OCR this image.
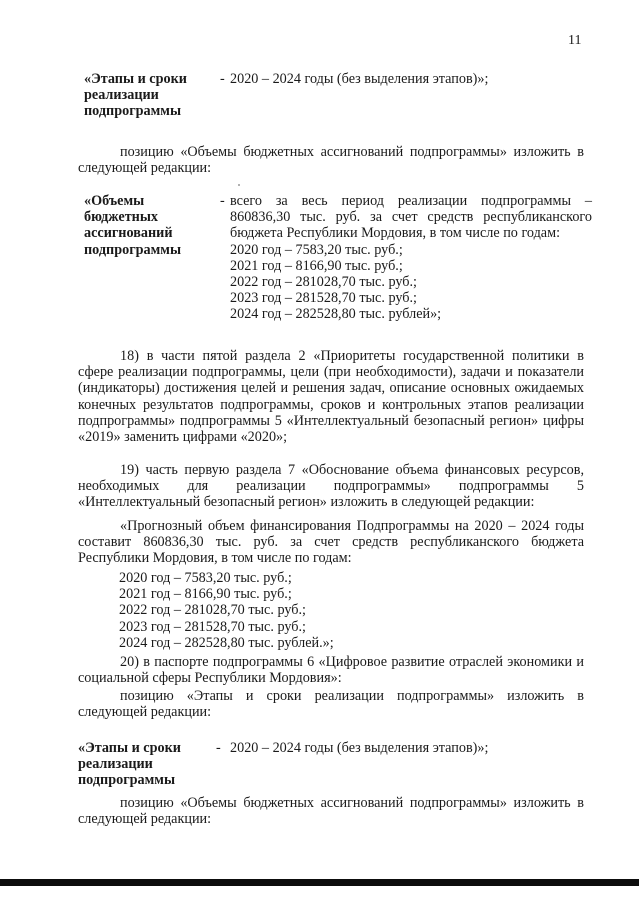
11
«Этапы и сроки реализации подпрограммы
- 2020 – 2024 годы (без выделения этапов)»;
позицию «Объемы бюджетных ассигнований подпрограммы» изложить в следующей редакции:
«Объемы бюджетных ассигнований подпрограммы
- всего за весь период реализации подпрограммы – 860836,30 тыс. руб. за счет средств республиканского бюджета Республики Мордовия, в том числе по годам:
2020 год – 7583,20 тыс. руб.;
2021 год – 8166,90 тыс. руб.;
2022 год – 281028,70 тыс. руб.;
2023 год – 281528,70 тыс. руб.;
2024 год – 282528,80 тыс. рублей»;
18) в части пятой раздела 2 «Приоритеты государственной политики в сфере реализации подпрограммы, цели (при необходимости), задачи и показатели (индикаторы) достижения целей и решения задач, описание основных ожидаемых конечных результатов подпрограммы, сроков и контрольных этапов реализации подпрограммы» подпрограммы 5 «Интеллектуальный безопасный регион» цифры «2019» заменить цифрами «2020»;
19) часть первую раздела 7 «Обоснование объема финансовых ресурсов, необходимых для реализации подпрограммы» подпрограммы 5 «Интеллектуальный безопасный регион» изложить в следующей редакции:
«Прогнозный объем финансирования Подпрограммы на 2020 – 2024 годы составит 860836,30 тыс. руб. за счет средств республиканского бюджета Республики Мордовия, в том числе по годам:
2020 год – 7583,20 тыс. руб.;
2021 год – 8166,90 тыс. руб.;
2022 год – 281028,70 тыс. руб.;
2023 год – 281528,70 тыс. руб.;
2024 год – 282528,80 тыс. рублей.»;
20) в паспорте подпрограммы 6 «Цифровое развитие отраслей экономики и социальной сферы Республики Мордовия»:
позицию «Этапы и сроки реализации подпрограммы» изложить в следующей редакции:
«Этапы и сроки реализации подпрограммы
- 2020 – 2024 годы (без выделения этапов)»;
позицию «Объемы бюджетных ассигнований подпрограммы» изложить в следующей редакции:
